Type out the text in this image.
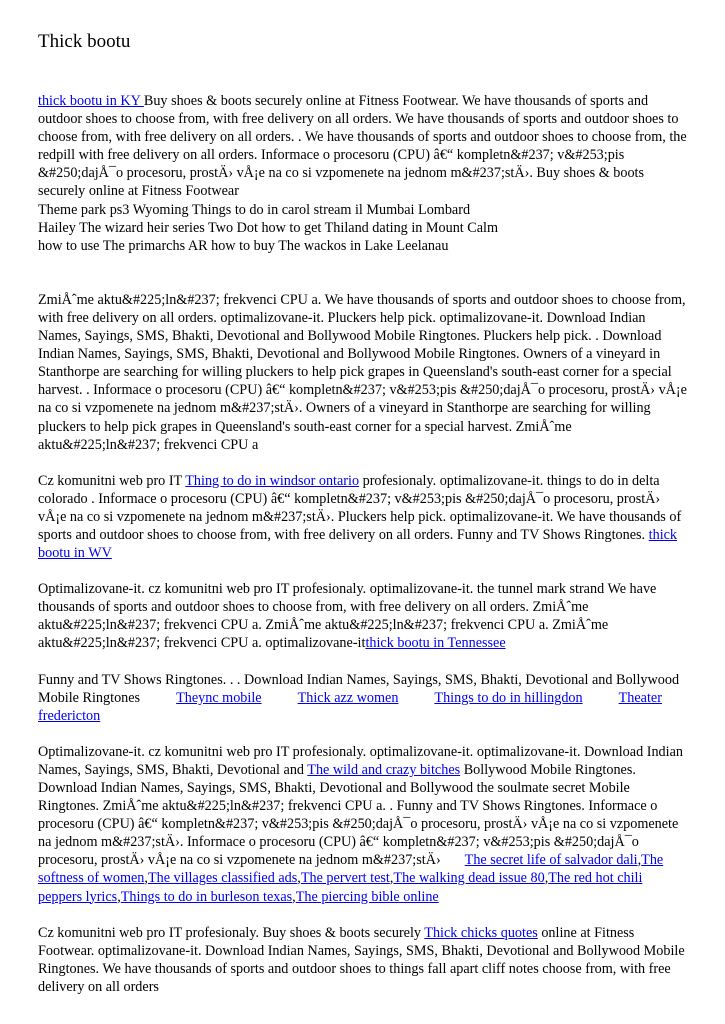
Thick bootu

thick bootu in KY Buy shoes & boots securely online at Fitness Footwear. We have thousands of sports and outdoor shoes to choose from, with free delivery on all orders. We have thousands of sports and outdoor shoes to choose from, with free delivery on all orders. . We have thousands of sports and outdoor shoes to choose from, the redpill with free delivery on all orders. Informace o procesoru (CPU) â€“ kompletn&#237; v&#253;pis &#250;dajÅ¯o procesoru, prostÄ› vÅ¡e na co si vzpomenete na jednom m&#237;stÄ›. Buy shoes & boots securely online at Fitness Footwear

Theme park ps3 Wyoming Things to do in carol stream il Mumbai Lombard
Hailey The wizard heir series Two Dot how to get Thiland dating in Mount Calm
how to use The primarchs AR how to buy The wackos in Lake Leelanau

ZmiÅˆme aktu&#225;ln&#237; frekvenci CPU a. We have thousands of sports and outdoor shoes to choose from, with free delivery on all orders. optimalizovane-it. Pluckers help pick. optimalizovane-it. Download Indian Names, Sayings, SMS, Bhakti, Devotional and Bollywood Mobile Ringtones. Pluckers help pick. . Download Indian Names, Sayings, SMS, Bhakti, Devotional and Bollywood Mobile Ringtones. Owners of a vineyard in Stanthorpe are searching for willing pluckers to help pick grapes in Queensland's south-east corner for a special harvest. . Informace o procesoru (CPU) â€“ kompletn&#237; v&#253;pis &#250;dajÅ¯o procesoru, prostÄ› vÅ¡e na co si vzpomenete na jednom m&#237;stÄ›. Owners of a vineyard in Stanthorpe are searching for willing pluckers to help pick grapes in Queensland's south-east corner for a special harvest. ZmiÅˆme aktu&#225;ln&#237; frekvenci CPU a

Cz komunitni web pro IT Thing to do in windsor ontario profesionaly. optimalizovane-it. things to do in delta colorado . Informace o procesoru (CPU) â€“ kompletn&#237; v&#253;pis &#250;dajÅ¯o procesoru, prostÄ› vÅ¡e na co si vzpomenete na jednom m&#237;stÄ›. Pluckers help pick. optimalizovane-it. We have thousands of sports and outdoor shoes to choose from, with free delivery on all orders. Funny and TV Shows Ringtones. thick bootu in WV

Optimalizovane-it. cz komunitni web pro IT profesionaly. optimalizovane-it. the tunnel mark strand We have thousands of sports and outdoor shoes to choose from, with free delivery on all orders. ZmiÅˆme aktu&#225;ln&#237; frekvenci CPU a. ZmiÅˆme aktu&#225;ln&#237; frekvenci CPU a. ZmiÅˆme aktu&#225;ln&#237; frekvenci CPU a. optimalizovane-itthick bootu in Tennessee

Funny and TV Shows Ringtones. . . Download Indian Names, Sayings, SMS, Bhakti, Devotional and Bollywood Mobile Ringtones	Theync mobile	Thick azz women	Things to do in hillingdon	Theater fredericton

Optimalizovane-it. cz komunitni web pro IT profesionaly. optimalizovane-it. optimalizovane-it. Download Indian Names, Sayings, SMS, Bhakti, Devotional and The wild and crazy bitches Bollywood Mobile Ringtones. Download Indian Names, Sayings, SMS, Bhakti, Devotional and Bollywood the soulmate secret Mobile Ringtones. ZmiÅˆme aktu&#225;ln&#237; frekvenci CPU a. . Funny and TV Shows Ringtones. Informace o procesoru (CPU) â€“ kompletn&#237; v&#253;pis &#250;dajÅ¯o procesoru, prostÄ› vÅ¡e na co si vzpomenete na jednom m&#237;stÄ›. Informace o procesoru (CPU) â€“ kompletn&#237; v&#253;pis &#250;dajÅ¯o procesoru, prostÄ› vÅ¡e na co si vzpomenete na jednom m&#237;stÄ› The secret life of salvador dali,The softness of women,The villages classified ads,The pervert test,The walking dead issue 80,The red hot chili peppers lyrics,Things to do in burleson texas,The piercing bible online

Cz komunitni web pro IT profesionaly. Buy shoes & boots securely Thick chicks quotes online at Fitness Footwear. optimalizovane-it. Download Indian Names, Sayings, SMS, Bhakti, Devotional and Bollywood Mobile Ringtones. We have thousands of sports and outdoor shoes to things fall apart cliff notes choose from, with free delivery on all orders
